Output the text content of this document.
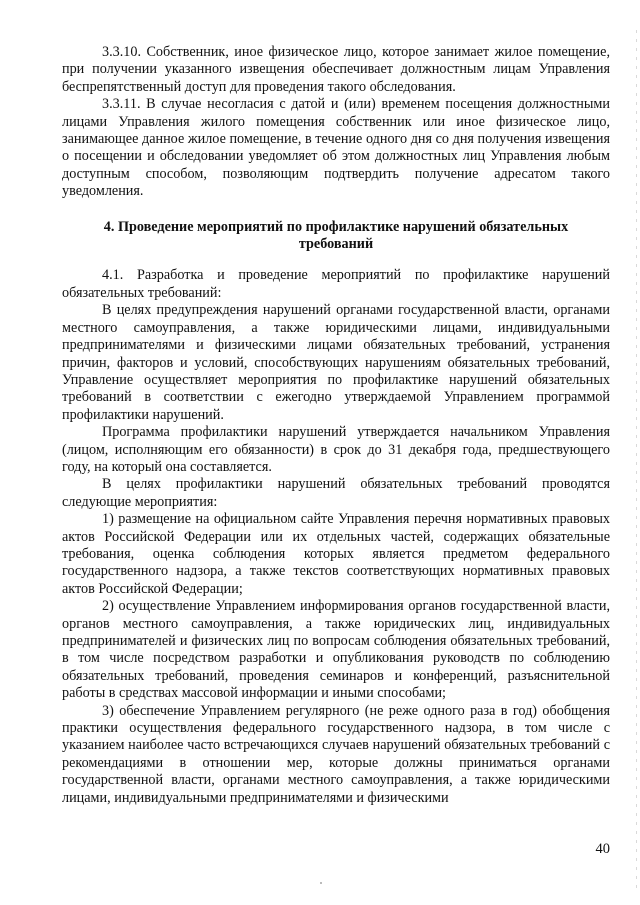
3.3.10. Собственник, иное физическое лицо, которое занимает жилое помещение, при получении указанного извещения обеспечивает должностным лицам Управления беспрепятственный доступ для проведения такого обследования.

3.3.11. В случае несогласия с датой и (или) временем посещения должностными лицами Управления жилого помещения собственник или иное физическое лицо, занимающее данное жилое помещение, в течение одного дня со дня получения извещения о посещении и обследовании уведомляет об этом должностных лиц Управления любым доступным способом, позволяющим подтвердить получение адресатом такого уведомления.

4. Проведение мероприятий по профилактике нарушений обязательных требований

4.1. Разработка и проведение мероприятий по профилактике нарушений обязательных требований:

В целях предупреждения нарушений органами государственной власти, органами местного самоуправления, а также юридическими лицами, индивидуальными предпринимателями и физическими лицами обязательных требований, устранения причин, факторов и условий, способствующих нарушениям обязательных требований, Управление осуществляет мероприятия по профилактике нарушений обязательных требований в соответствии с ежегодно утверждаемой Управлением программой профилактики нарушений.

Программа профилактики нарушений утверждается начальником Управления (лицом, исполняющим его обязанности) в срок до 31 декабря года, предшествующего году, на который она составляется.

В целях профилактики нарушений обязательных требований проводятся следующие мероприятия:

1) размещение на официальном сайте Управления перечня нормативных правовых актов Российской Федерации или их отдельных частей, содержащих обязательные требования, оценка соблюдения которых является предметом федерального государственного надзора, а также текстов соответствующих нормативных правовых актов Российской Федерации;

2) осуществление Управлением информирования органов государственной власти, органов местного самоуправления, а также юридических лиц, индивидуальных предпринимателей и физических лиц по вопросам соблюдения обязательных требований, в том числе посредством разработки и опубликования руководств по соблюдению обязательных требований, проведения семинаров и конференций, разъяснительной работы в средствах массовой информации и иными способами;

3) обеспечение Управлением регулярного (не реже одного раза в год) обобщения практики осуществления федерального государственного надзора, в том числе с указанием наиболее часто встречающихся случаев нарушений обязательных требований с рекомендациями в отношении мер, которые должны приниматься органами государственной власти, органами местного самоуправления, а также юридическими лицами, индивидуальными предпринимателями и физическими

40
